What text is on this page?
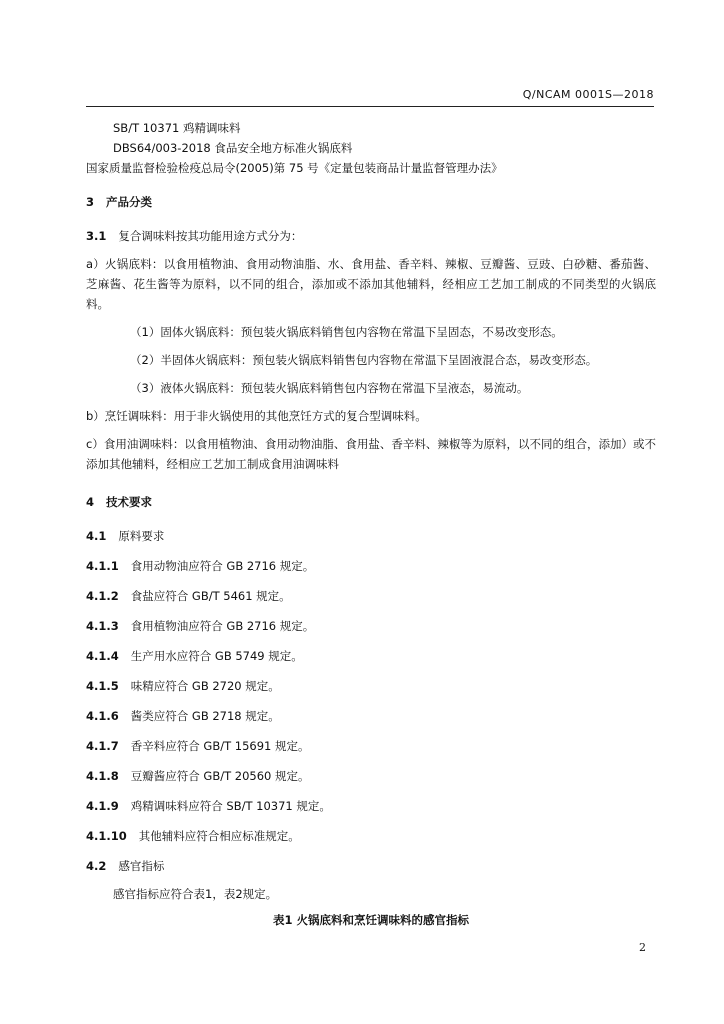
Q/NCAM 0001S—2018
SB/T 10371 鸡精调味料
DBS64/003-2018 食品安全地方标准火锅底料
国家质量监督检验检疫总局令(2005)第 75 号《定量包装商品计量监督管理办法》
3 产品分类
3.1 复合调味料按其功能用途方式分为：
a）火锅底料：以食用植物油、食用动物油脂、水、食用盐、香辛料、辣椒、豆瓣酱、豆豉、白砂糖、番茄酱、芝麻酱、花生酱等为原料，以不同的组合，添加或不添加其他辅料，经相应工艺加工制成的不同类型的火锅底料。
（1）固体火锅底料：预包装火锅底料销售包内容物在常温下呈固态，不易改变形态。
（2）半固体火锅底料：预包装火锅底料销售包内容物在常温下呈固液混合态，易改变形态。
（3）液体火锅底料：预包装火锅底料销售包内容物在常温下呈液态，易流动。
b）烹饪调味料：用于非火锅使用的其他烹饪方式的复合型调味料。
c）食用油调味料：以食用植物油、食用动物油脂、食用盐、香辛料、辣椒等为原料，以不同的组合，添加）或不添加其他辅料，经相应工艺加工制成食用油调味料
4 技术要求
4.1 原料要求
4.1.1 食用动物油应符合 GB 2716 规定。
4.1.2 食盐应符合 GB/T 5461 规定。
4.1.3 食用植物油应符合 GB 2716 规定。
4.1.4 生产用水应符合 GB 5749 规定。
4.1.5 味精应符合 GB 2720 规定。
4.1.6 酱类应符合 GB 2718 规定。
4.1.7 香辛料应符合 GB/T 15691 规定。
4.1.8 豆瓣酱应符合 GB/T 20560 规定。
4.1.9 鸡精调味料应符合 SB/T 10371 规定。
4.1.10 其他辅料应符合相应标准规定。
4.2 感官指标
感官指标应符合表1，表2规定。
表1 火锅底料和烹饪调味料的感官指标
2
